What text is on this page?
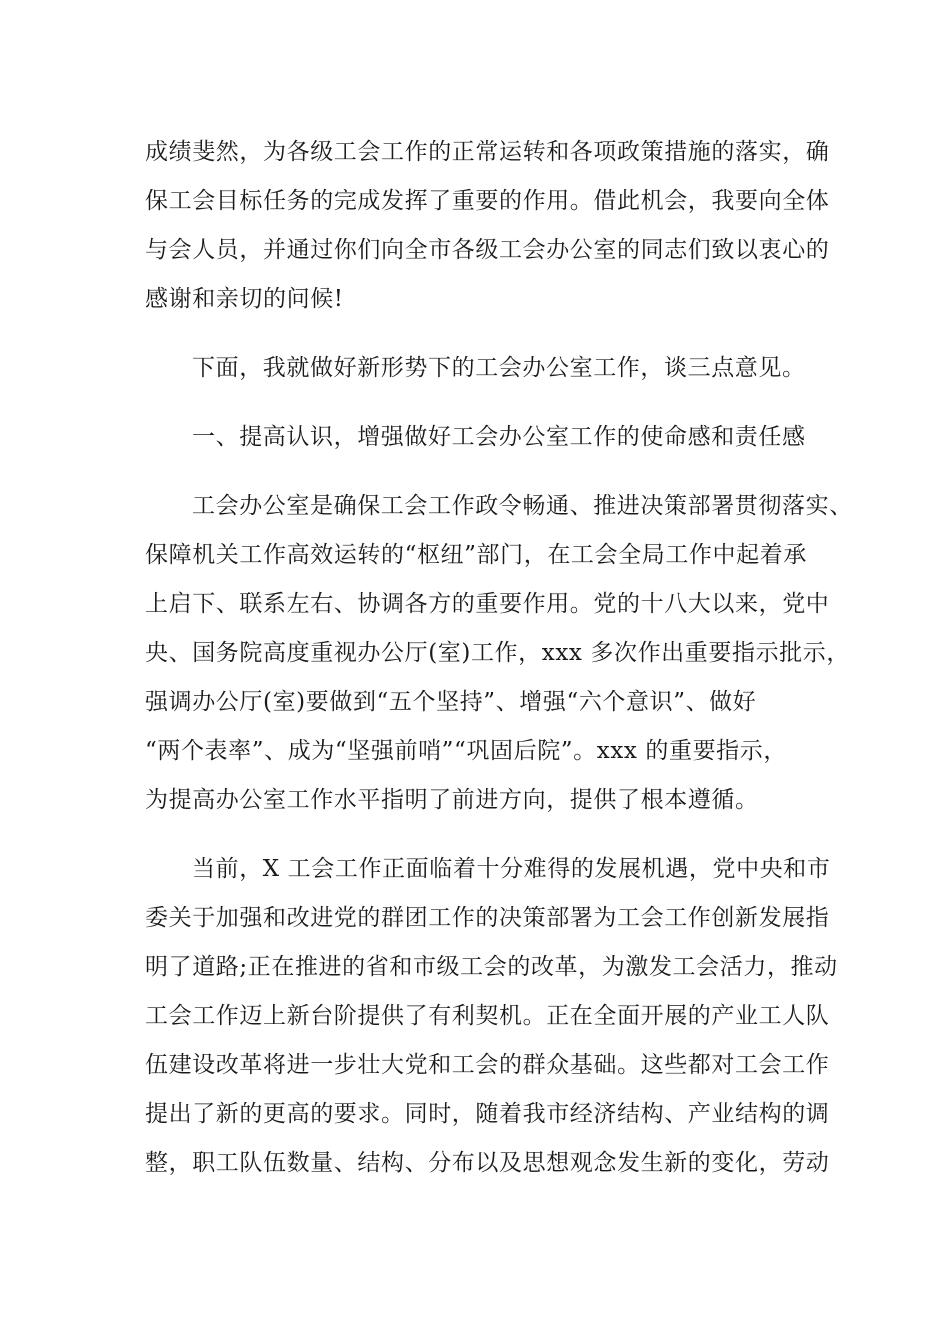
成绩斐然，为各级工会工作的正常运转和各项政策措施的落实，确
保工会目标任务的完成发挥了重要的作用。借此机会，我要向全体
与会人员，并通过你们向全市各级工会办公室的同志们致以衷心的
感谢和亲切的问候!
下面，我就做好新形势下的工会办公室工作，谈三点意见。
一、提高认识，增强做好工会办公室工作的使命感和责任感
工会办公室是确保工会工作政令畅通、推进决策部署贯彻落实、
保障机关工作高效运转的“枢纽”部门，在工会全局工作中起着承
上启下、联系左右、协调各方的重要作用。党的十八大以来，党中
央、国务院高度重视办公厅(室)工作，xxx 多次作出重要指示批示，
强调办公厅(室)要做到“五个坚持”、增强“六个意识”、做好
“两个表率”、成为“坚强前哨”“巩固后院”。xxx 的重要指示，
为提高办公室工作水平指明了前进方向，提供了根本遵循。
当前，X 工会工作正面临着十分难得的发展机遇，党中央和市
委关于加强和改进党的群团工作的决策部署为工会工作创新发展指
明了道路;正在推进的省和市级工会的改革，为激发工会活力，推动
工会工作迈上新台阶提供了有利契机。正在全面开展的产业工人队
伍建设改革将进一步壮大党和工会的群众基础。这些都对工会工作
提出了新的更高的要求。同时，随着我市经济结构、产业结构的调
整，职工队伍数量、结构、分布以及思想观念发生新的变化，劳动
